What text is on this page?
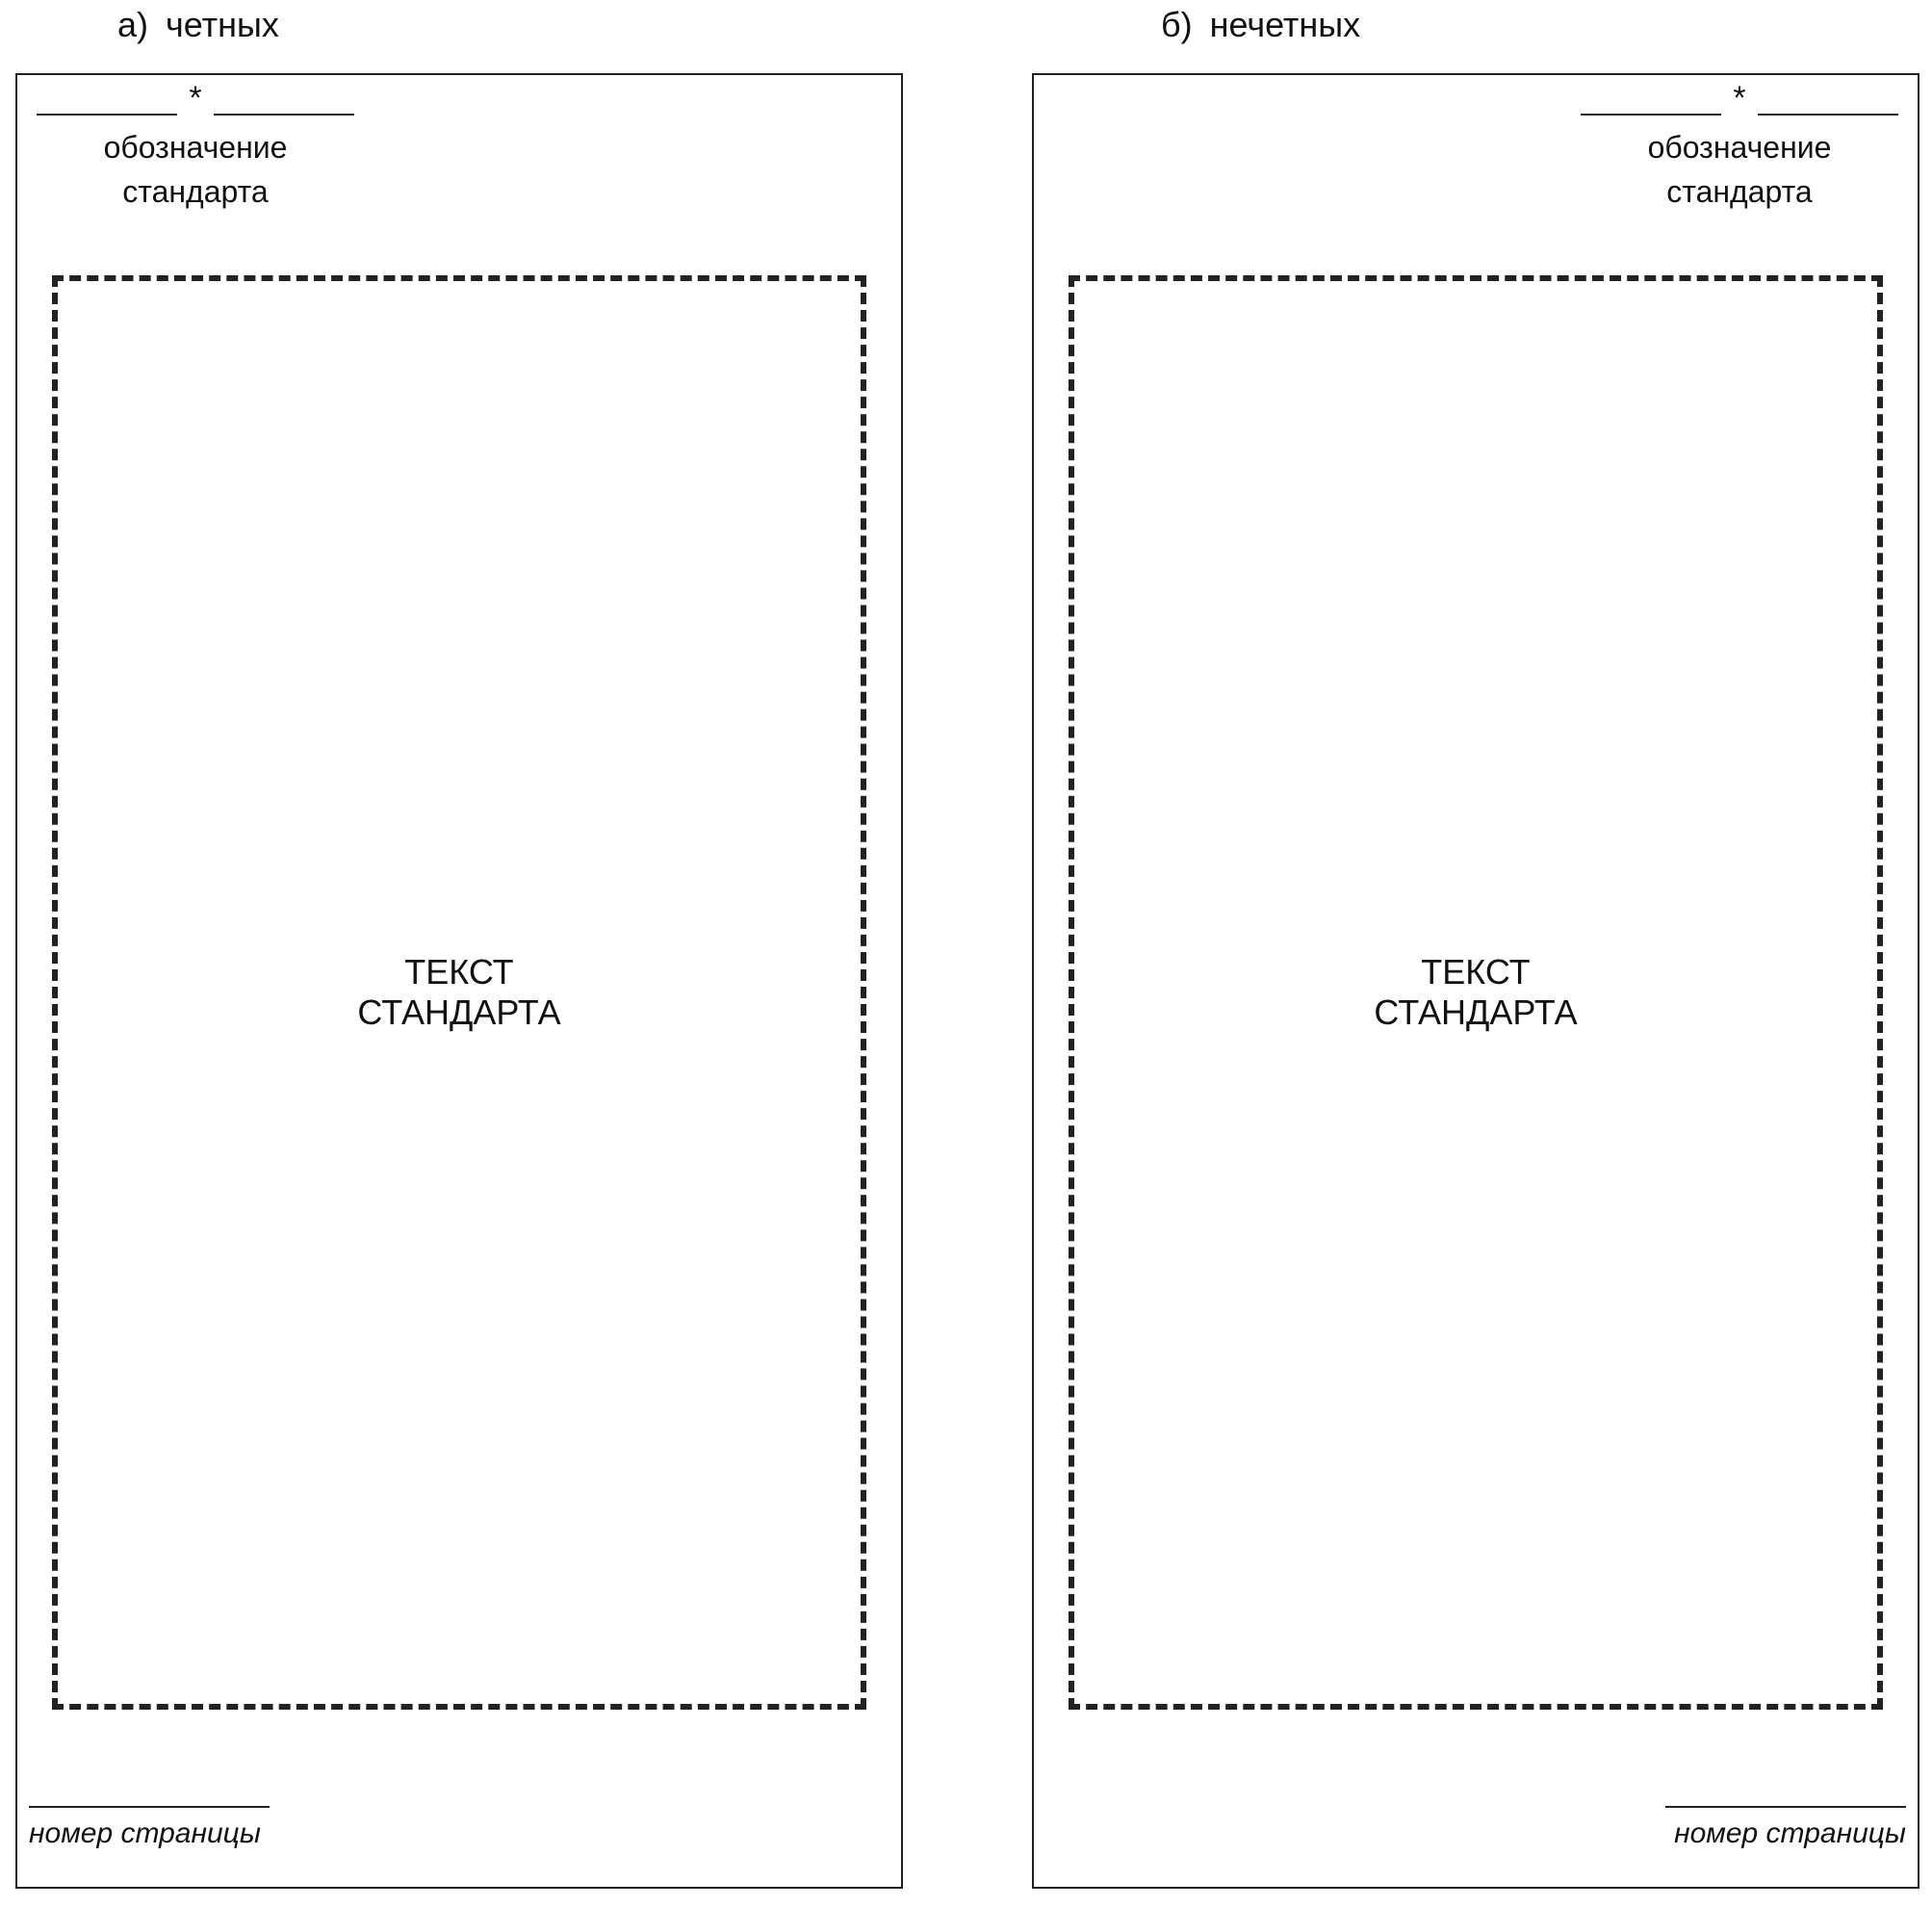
а) четных	б) нечетных
*
обозначение
стандарта
ТЕКСТ
СТАНДАРТА
номер страницы
*
обозначение
стандарта
ТЕКСТ
СТАНДАРТА
номер страницы
